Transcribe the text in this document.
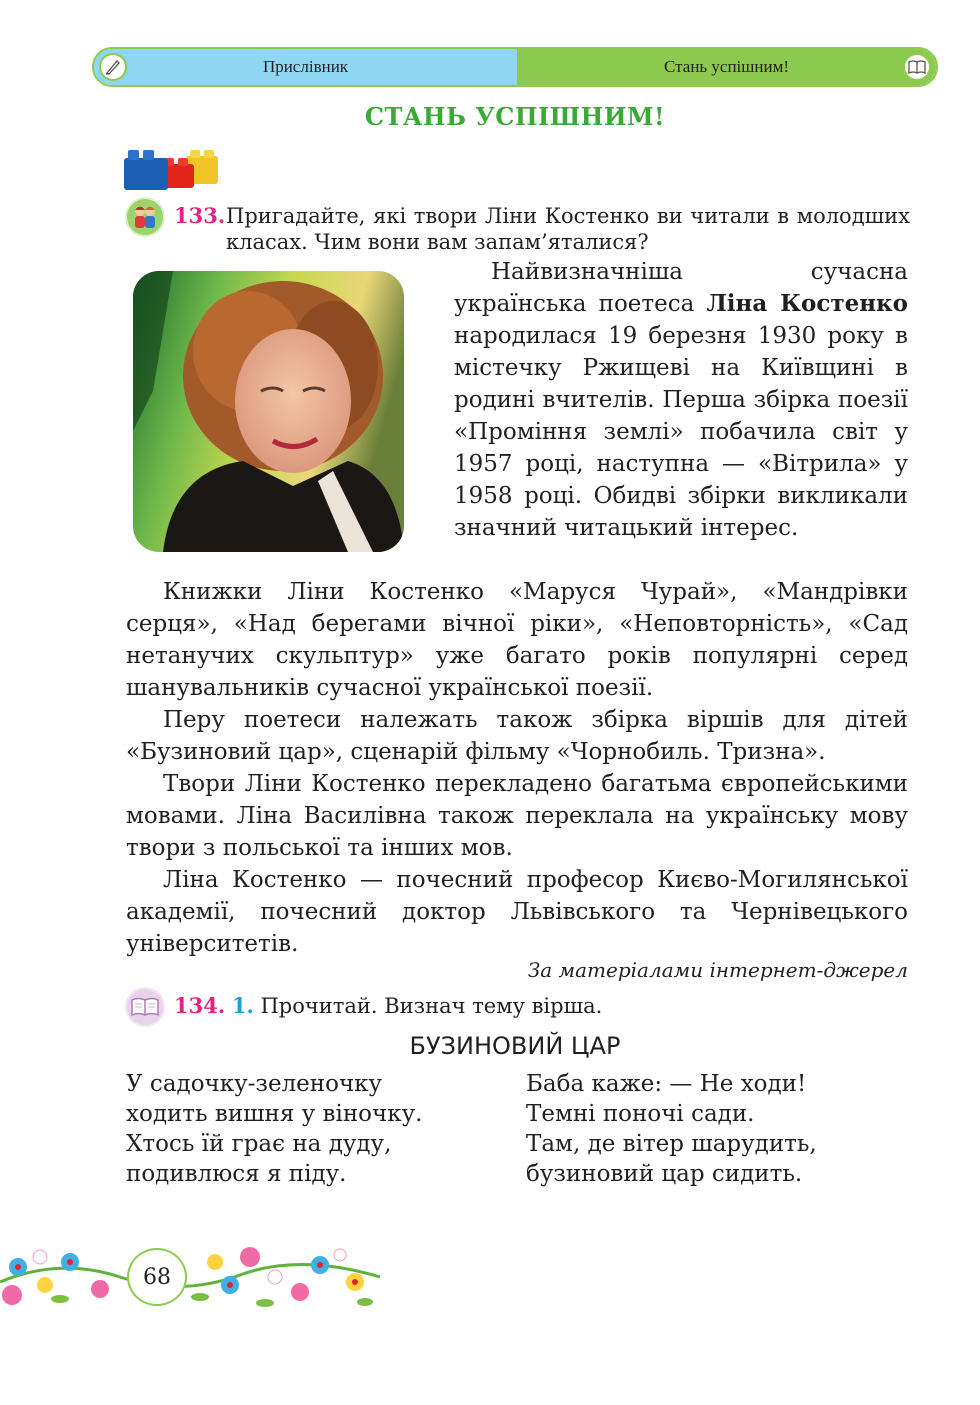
Прислівник	Стань успішним!
СТАНЬ УСПІШНИМ!
133. Пригадайте, які твори Ліни Костенко ви читали в молодших класах. Чим вони вам запам’яталися?

Найвизначніша сучасна українська поетеса Ліна Костенко народилася 19 березня 1930 року в містечку Ржищеві на Київщині в родині вчителів. Перша збірка поезії «Проміння землі» побачила світ у 1957 році, наступна — «Вітрила» у 1958 році. Обидві збірки викликали значний читацький інтерес.

Книжки Ліни Костенко «Маруся Чурай», «Мандрівки серця», «Над берегами вічної ріки», «Неповторність», «Сад нетанучих скульптур» уже багато років популярні серед шанувальників сучасної української поезії.

Перу поетеси належать також збірка віршів для дітей «Бузиновий цар», сценарій фільму «Чорнобиль. Тризна».

Твори Ліни Костенко перекладено багатьма європейськими мовами. Ліна Василівна також переклала на українську мову твори з польської та інших мов.

Ліна Костенко — почесний професор Києво-Могилянської академії, почесний доктор Львівського та Чернівецького університетів.

За матеріалами інтернет-джерел
134. 1. Прочитай. Визнач тему вірша.
БУЗИНОВИЙ ЦАР
У садочку-зеленочку
ходить вишня у віночку.
Хтось їй грає на дуду,
подивлюся я піду.
Баба каже: — Не ходи!
Темні поночі сади.
Там, де вітер шарудить,
бузиновий цар сидить.
68
